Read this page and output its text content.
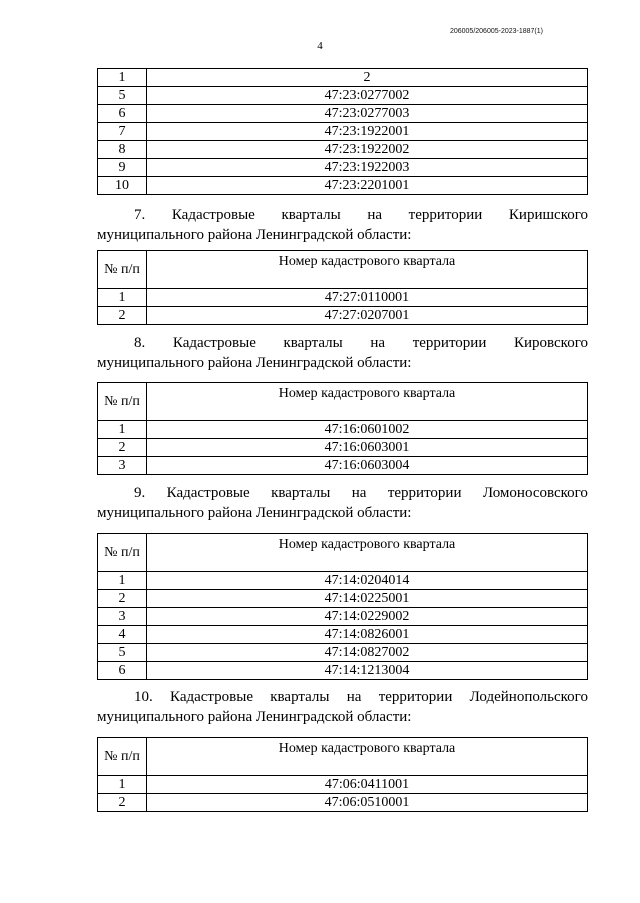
206005/206005-2023-1887(1)
4
1	2
5	47:23:0277002
6	47:23:0277003
7	47:23:1922001
8	47:23:1922002
9	47:23:1922003
10	47:23:2201001
7. Кадастровые кварталы на территории Киришского
муниципального района Ленинградской области:
№ п/п	Номер кадастрового квартала
1	47:27:0110001
2	47:27:0207001
8. Кадастровые кварталы на территории Кировского
муниципального района Ленинградской области:
№ п/п	Номер кадастрового квартала
1	47:16:0601002
2	47:16:0603001
3	47:16:0603004
9. Кадастровые кварталы на территории Ломоносовского
муниципального района Ленинградской области:
№ п/п	Номер кадастрового квартала
1	47:14:0204014
2	47:14:0225001
3	47:14:0229002
4	47:14:0826001
5	47:14:0827002
6	47:14:1213004
10. Кадастровые кварталы на территории Лодейнопольского
муниципального района Ленинградской области:
№ п/п	Номер кадастрового квартала
1	47:06:0411001
2	47:06:0510001
